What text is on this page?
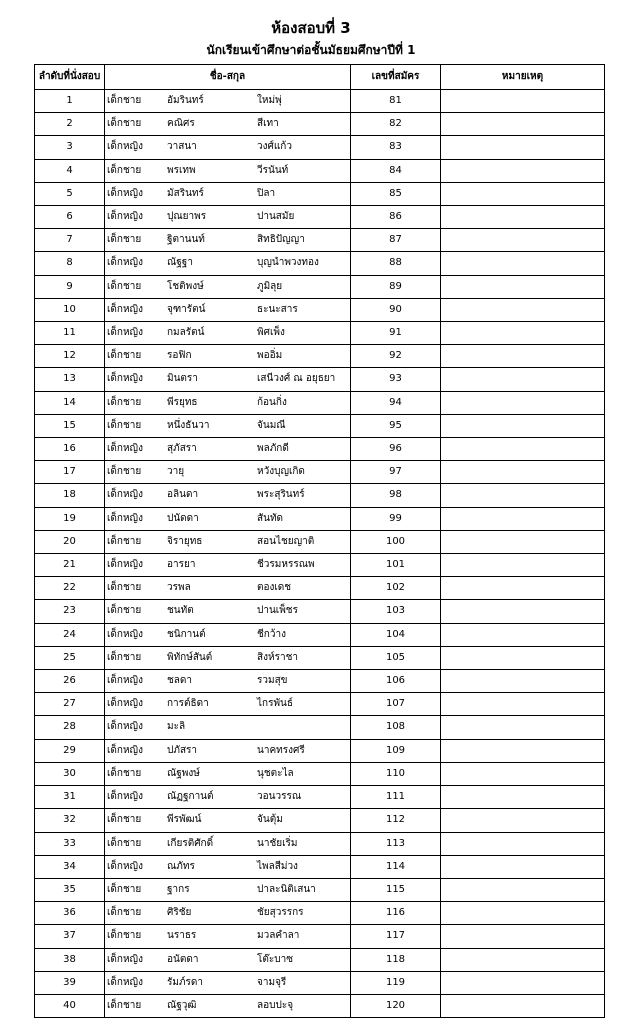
ห้องสอบที่ 3
นักเรียนเข้าศึกษาต่อชั้นมัธยมศึกษาปีที่ 1
ลำดับที่นั่งสอบ	ชื่อ-สกุล	เลขที่สมัคร	หมายเหตุ
1	เด็กชาย อัมรินทร์ ใหม่พุ่	81	
2	เด็กชาย คณิศร สีเทา	82	
3	เด็กหญิง วาสนา วงศ์แก้ว	83	
4	เด็กชาย พรเทพ วีรนันท์	84	
5	เด็กหญิง มัสรินทร์ ปิลา	85	
6	เด็กหญิง ปุณยาพร ปานสมัย	86	
7	เด็กชาย ฐิตานนท์ สิทธิปัญญา	87	
8	เด็กหญิง ณัฐฐา บุญนำพวงทอง	88	
9	เด็กชาย โชติพงษ์ ภูมิลุย	89	
10	เด็กหญิง จุฑารัตน์ ธะนะสาร	90	
11	เด็กหญิง กมลรัตน์ พิศเพ็ง	91	
12	เด็กชาย รอฟิก พออิ่ม	92	
13	เด็กหญิง มินตรา เสนีวงศ์ ณ อยุธยา	93	
14	เด็กชาย พีรยุทธ ก้อนกิ่ง	94	
15	เด็กชาย หนึ่งธันวา จันมณี	95	
16	เด็กหญิง สุภัสรา พลภักดี	96	
17	เด็กชาย วายุ หวังบุญเกิด	97	
18	เด็กหญิง อลินดา พระสุรินทร์	98	
19	เด็กหญิง ปนัดดา สันทัด	99	
20	เด็กชาย จิรายุทธ สอนไชยญาติ	100	
21	เด็กหญิง อารยา ชีวรมหรรณพ	101	
22	เด็กชาย วรพล ตองเดช	102	
23	เด็กชาย ชนทัต ปานเพ็ชร	103	
24	เด็กหญิง ชนิกานต์ ชีกว้าง	104	
25	เด็กชาย พิทักษ์สันต์ สิงห์ราชา	105	
26	เด็กหญิง ชลดา รวมสุข	106	
27	เด็กหญิง การต์ธิดา ไกรพันธ์	107	
28	เด็กหญิง มะลิ	108	
29	เด็กหญิง ปภัสรา นาคทรงศรี	109	
30	เด็กชาย ณัฐพงษ์ นุชตะไล	110	
31	เด็กหญิง ณัฏฐกานต์ วอนวรรณ	111	
32	เด็กชาย พีรพัฒน์ จันตุ้ม	112	
33	เด็กชาย เกียรติศักดิ์ นาชัยเริ่ม	113	
34	เด็กหญิง ณภัทร ไพลสีม่วง	114	
35	เด็กชาย ฐากร ปาละนิติเสนา	115	
36	เด็กชาย ศิริชัย ชัยสุวรรกร	116	
37	เด็กชาย นราธร มวลคำลา	117	
38	เด็กหญิง อนัตดา โต๊ะบาซ	118	
39	เด็กหญิง รัมภ์รดา จามจุรี	119	
40	เด็กชาย ณัฐวุฒิ ลอบปะจุ	120	
